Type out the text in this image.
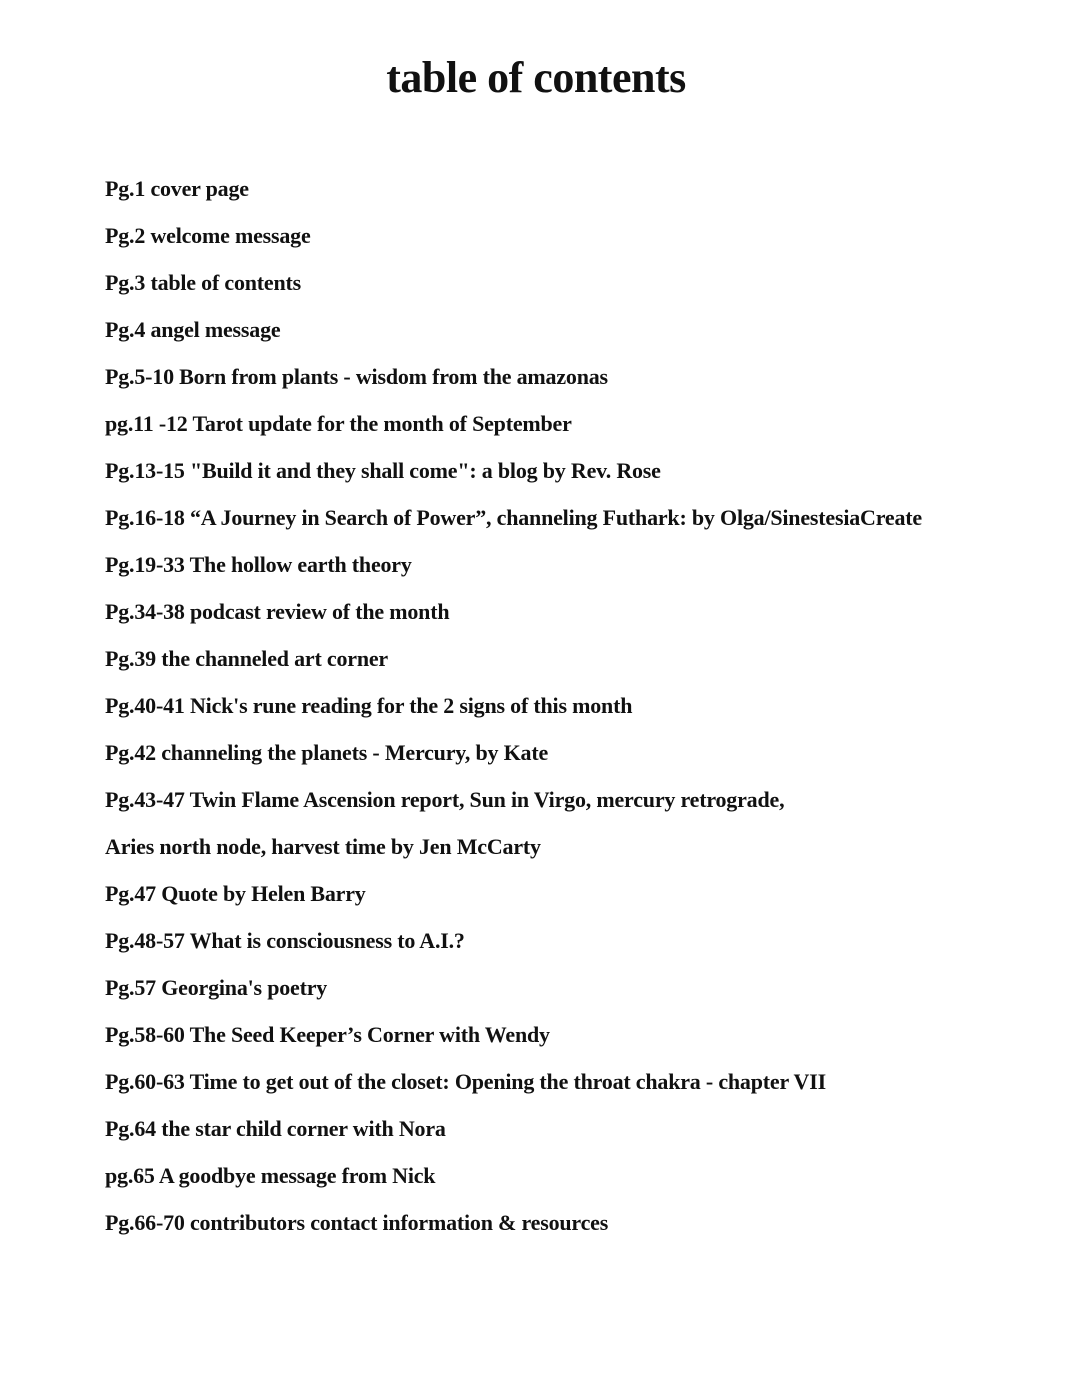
table of contents
Pg.1 cover page
Pg.2 welcome message
Pg.3 table of contents
Pg.4 angel message
Pg.5-10 Born from plants - wisdom from the amazonas
pg.11 -12 Tarot update for the month of September
Pg.13-15 "Build it and they shall come": a blog by Rev. Rose
Pg.16-18 “A Journey in Search of Power”, channeling Futhark: by Olga/SinestesiaCreate
Pg.19-33 The hollow earth theory
Pg.34-38 podcast review of the month
Pg.39 the channeled art corner
Pg.40-41 Nick's rune reading for the 2 signs of this month
Pg.42 channeling the planets - Mercury, by Kate
Pg.43-47 Twin Flame Ascension report, Sun in Virgo, mercury retrograde,
Aries north node, harvest time by Jen McCarty
Pg.47 Quote by Helen Barry
Pg.48-57 What is consciousness to A.I.?
Pg.57 Georgina's poetry
Pg.58-60 The Seed Keeper’s Corner with Wendy
Pg.60-63 Time to get out of the closet: Opening the throat chakra - chapter VII
Pg.64 the star child corner with Nora
pg.65 A goodbye message from Nick
Pg.66-70 contributors contact information & resources
